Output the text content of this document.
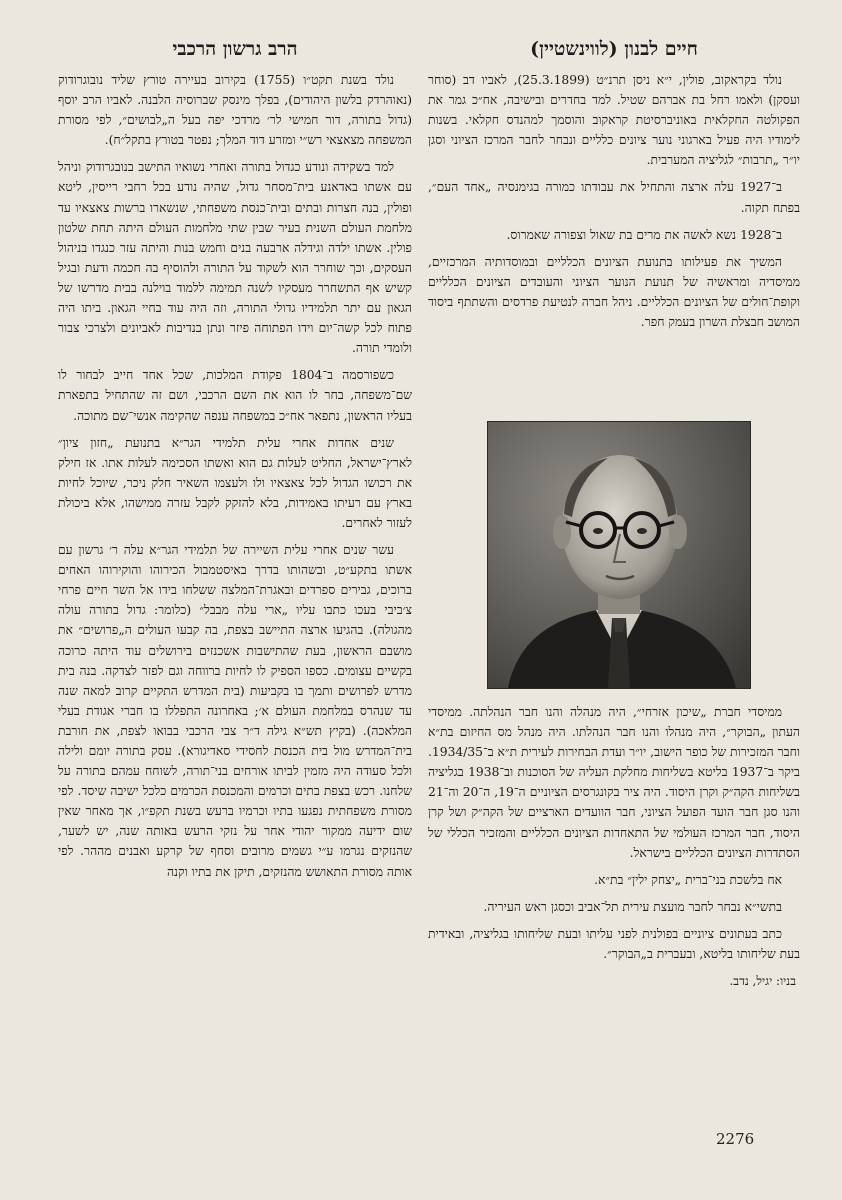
חיים לבנון (לווינשטיין)

נולד בקראקוב, פולין, י״א ניסן תרנ״ט (25.3.1899), לאביו דב (סוחר ועסקן) ולאמו רחל בת אברהם שטיל. למד בחדרים ובישיבה, אח״כ גמר את הפקולטה החקלאית באוניברסיטת קראקוב והוסמך למהנדס חקלאי. בשנות לימודיו היה פעיל בארגוני נוער ציונים כלליים ונבחר לחבר המרכז הציוני וסגן יו״ר „תרבות״ לגליציה המערבית.

ב־1927 עלה ארצה והתחיל את עבודתו כמורה בגימנסיה „אחד העם״, בפתח תקוה.

ב־1928 נשא לאשה את מרים בת שאול וצפורה שאמרוס.

המשיך את פעילותו בתנועת הציונים הכלליים ובמוסדותיה המרכזיים, ממיסדיה ומראשיה של תנועת הנוער הציוני והעובדים הציונים הכלליים וקופת־חולים של הציונים הכלליים. ניהל חברה לנטיעת פרדסים והשתתף ביסוד המושב חבצלת השרון בעמק חפר.

ממיסדי חברת „שיכון אזרחי״, היה מנהלה והנו חבר הנהלתה. ממיסדי העתון „הבוקר״, היה מנהלו והנו חבר הנהלתו. היה מנהל מס החיזום בת״א וחבר המזכירות של כופר הישוב, יו״ר ועדת הבחירות לעירית ת״א ב־1934/35. ביקר ב־1937 בליטא בשליחות מחלקת העליה של הסוכנות וב־1938 בגליציה בשליחות הקה״ק וקרן היסוד. היה ציר בקונגרסים הציוניים ה־19, ה־20 וה־21 והנו סגן חבר הועד הפועל הציוני, חבר הוועדים הארציים של הקה״ק ושל קרן היסוד, חבר המרכז העולמי של התאחדות הציונים הכלליים והמזכיר הכללי של הסתדרות הציונים הכלליים בישראל.

אח בלשכת בני־ברית „יצחק ילין״ בת״א.

בתשי״א נבחר לחבר מועצת עירית תל־אביב וכסגן ראש העיריה.

כתב בעתונים ציוניים בפולנית לפני עליתו ובעת שליחותו בגליציה, ובאידית בעת שליחותו בליטא, ובעברית ב„הבוקר״.

בניו: יגיל, נדב.
הרב גרשון הרכבי

נולד בשנת תקט״ו (1755) בקירוב בעיירה טורץ שליד נובוגרודוק (נאוהרדק בלשון היהודים), בפלך מינסק שברוסיה הלבנה. לאביו הרב יוסף (גדול בתורה, דור חמישי לר׳ מרדכי יפה בעל ה„לבושים״, לפי מסורת המשפחה מצאצאי רש״י ומזרע דוד המלך; נפטר בטורץ בתקל״ח).

למד בשקידה ונודע כגדול בתורה ואחרי נשואיו התישב בנובגרודוק וניהל עם אשתו באדאנע בית־מסחר גדול, שהיה נודע בכל רחבי רייסין, ליטא ופולין, בנה חצרות ובתים ובית־כנסת משפחתי, שנשארו ברשות צאצאיו עד מלחמת העולם השנית בעיר שבין שתי מלחמות העולם היתה תחת שלטון פולין. אשתו ילדה וגידלה ארבעה בנים וחמש בנות והיתה עזר כנגדו בניהול העסקים, וכך שוחרר הוא לשקוד על התורה ולהוסיף בה חכמה ודעת ובגיל קשיש אף התשחרר מעסקיו לשנה תמימה ללמוד בוילנה בבית מדרשו של הגאון עם יתר תלמידיו גדולי התורה, וזה היה עוד בחיי הגאון. ביתו היה פתוח לכל קשה־יום וידו הפתוחה פיזר ונתן בנדיבות לאביונים ולצרכי צבור ולומדי תורה.

כשפורסמה ב־1804 פקודת המלכות, שכל אחד חייב לבחור לו שם־משפחה, בחר לו הוא את השם הרכבי, ושם זה שהתחיל בתפארת בעליו הראשון, נתפאר אח״כ במשפחה ענפה שהקימה אנשי־שם מתוכה.

שנים אחדות אחרי עלית תלמידי הגר״א בתנועת „חזון ציון״ לארץ־ישראל, החליט לעלות גם הוא ואשתו הסכימה לעלות אתו. אז חילק את רכושו הגדול לכל צאצאיו ולו ולעצמו השאיר חלק ניכר, שיוכל לחיות בארץ עם רעיתו באמידות, בלא להזקק לקבל עזרה ממישהו, אלא ביכולת לעזור לאחרים.

עשר שנים אחרי עלית השיירה של תלמידי הגר״א עלה ר׳ גרשון עם אשתו בתקע״ט, ובשהותו בדרך באיסטמבול הכירוהו והוקירוהו האחים ברוכים, גבירים ספרדים ובאגרת־המלצה ששלחו בידו אל השר חיים פרחי צ׳ביבי בעכו כתבו עליו „ארי עלה מבבל״ (כלומר: גדול בתורה עולה מהגולה). בהגיעו ארצה התיישב בצפת, בה קבעו העולים ה„פרושים״ את מושבם הראשון, בעת שהתישבות אשכנזים בירושלים עוד היתה כרוכה בקשיים עצומים. כספו הספיק לו לחיות ברווחה וגם לפזר לצדקה. בנה בית מדרש לפרושים ותמך בו בקביעות (בית המדרש התקיים קרוב למאה שנה עד שנהרס במלחמת העולם א׳; באחרונה התפללו בו חברי אגודת בעלי המלאכה). (בקיץ תש״א גילה ד״ר צבי הרכבי בבואו לצפת, את חורבת בית־המדרש מול בית הכנסת לחסידי סאדיגורא). עסק בתורה יומם ולילה ולכל סעודה היה מזמין לביתו אורחים בני־תורה, לשוחח עמהם בתורה על שלחנו. רכש בצפת בתים וכרמים והמכנסת הכרמים כלכל ישיבה שיסד. לפי מסורת משפחתית נפגעו בתיו וכרמיו ברעש בשנת תקפ״ו, אך מאחר שאין שום ידיעה ממקור יהודי אחר על נזקי הרעש באותה שנה, יש לשער, שהנזקים נגרמו ע״י גשמים מרובים וסחף של קרקע ואבנים מההר. לפי אותה מסורת התאושש מהנזקים, תיקן את בתיו וקנה

2276
